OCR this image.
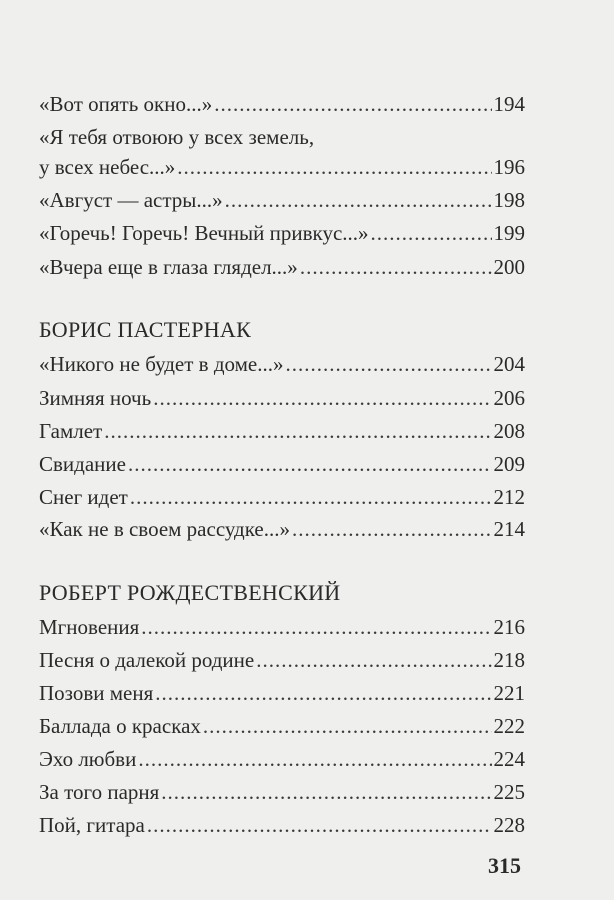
«Вот опять окно...» .....	194
«Я тебя отвоюю у всех земель,
у всех небес...» .....	196
«Август — астры...» .....	198
«Горечь! Горечь! Вечный привкус...» .....	199
«Вчера еще в глаза глядел...» .....	200
БОРИС ПАСТЕРНАК
«Никого не будет в доме...» .....	204
Зимняя ночь .....	206
Гамлет .....	208
Свидание .....	209
Снег идет .....	212
«Как не в своем рассудке...» .....	214
РОБЕРТ РОЖДЕСТВЕНСКИЙ
Мгновения .....	216
Песня о далекой родине .....	218
Позови меня .....	221
Баллада о красках .....	222
Эхо любви .....	224
За того парня .....	225
Пой, гитара .....	228
315
